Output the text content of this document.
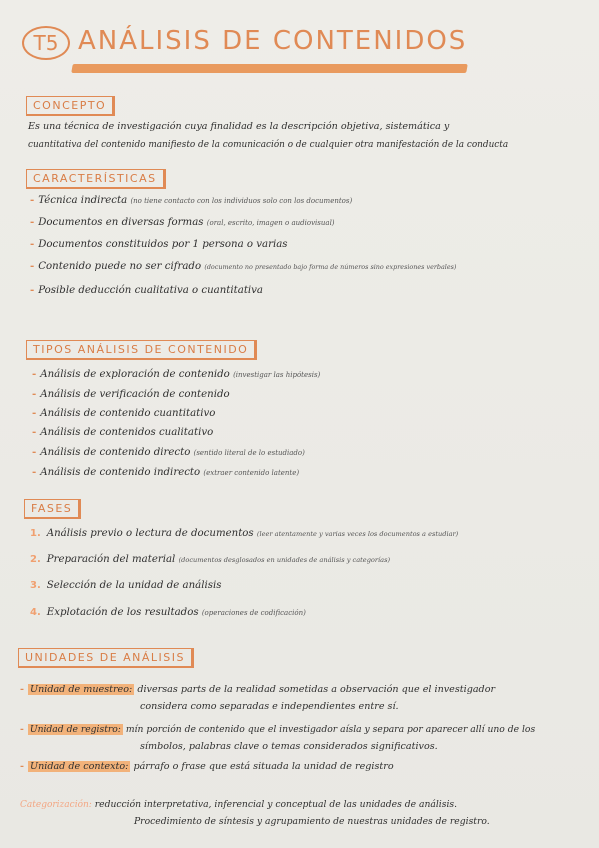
T5 ANÁLISIS DE CONTENIDOS
CONCEPTO
Es una técnica de investigación cuya finalidad es la descripción objetiva, sistemática y
cuantitativa del contenido manifiesto de la comunicación o de cualquier otra manifestación de la conducta
CARACTERÍSTICAS
- Técnica indirecta (no tiene contacto con los individuos solo con los documentos)
- Documentos en diversas formas (oral, escrito, imagen o audiovisual)
- Documentos constituidos por 1 persona o varias
- Contenido puede no ser cifrado (documento no presentado bajo forma de números sino expresiones verbales)
- Posible deducción cualitativa o cuantitativa
TIPOS ANÁLISIS DE CONTENIDO
- Análisis de exploración de contenido (investigar las hipótesis)
- Análisis de verificación de contenido
- Análisis de contenido cuantitativo
- Análisis de contenidos cualitativo
- Análisis de contenido directo (sentido literal de lo estudiado)
- Análisis de contenido indirecto (extraer contenido latente)
FASES
1. Análisis previo o lectura de documentos (leer atentamente y varias veces los documentos a estudiar)
2. Preparación del material (documentos desglosados en unidades de análisis y categorías)
3. Selección de la unidad de análisis
4. Explotación de los resultados (operaciones de codificación)
UNIDADES DE ANÁLISIS
- Unidad de muestreo: diversas parts de la realidad sometidas a observación que el investigador
considera como separadas e independientes entre sí.
- Unidad de registro: mín porción de contenido que el investigador aísla y separa por aparecer allí uno de los
símbolos, palabras clave o temas considerados significativos.
- Unidad de contexto: párrafo o frase que está situada la unidad de registro
Categorización: reducción interpretativa, inferencial y conceptual de las unidades de análisis.
Procedimiento de síntesis y agrupamiento de nuestras unidades de registro.
